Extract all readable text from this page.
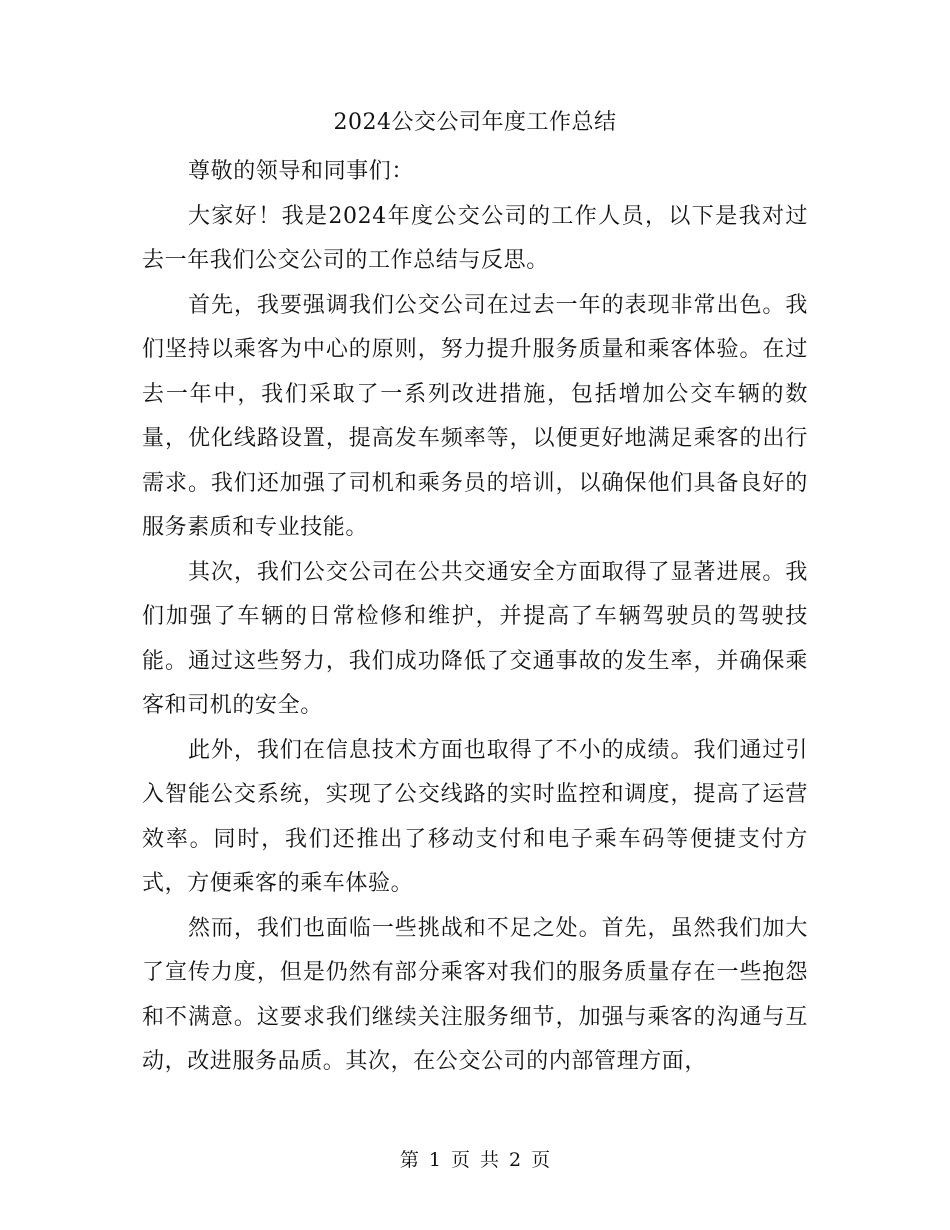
2024公交公司年度工作总结

尊敬的领导和同事们：

大家好！我是2024年度公交公司的工作人员，以下是我对过去一年我们公交公司的工作总结与反思。

首先，我要强调我们公交公司在过去一年的表现非常出色。我们坚持以乘客为中心的原则，努力提升服务质量和乘客体验。在过去一年中，我们采取了一系列改进措施，包括增加公交车辆的数量，优化线路设置，提高发车频率等，以便更好地满足乘客的出行需求。我们还加强了司机和乘务员的培训，以确保他们具备良好的服务素质和专业技能。

其次，我们公交公司在公共交通安全方面取得了显著进展。我们加强了车辆的日常检修和维护，并提高了车辆驾驶员的驾驶技能。通过这些努力，我们成功降低了交通事故的发生率，并确保乘客和司机的安全。

此外，我们在信息技术方面也取得了不小的成绩。我们通过引入智能公交系统，实现了公交线路的实时监控和调度，提高了运营效率。同时，我们还推出了移动支付和电子乘车码等便捷支付方式，方便乘客的乘车体验。

然而，我们也面临一些挑战和不足之处。首先，虽然我们加大了宣传力度，但是仍然有部分乘客对我们的服务质量存在一些抱怨和不满意。这要求我们继续关注服务细节，加强与乘客的沟通与互动，改进服务品质。其次，在公交公司的内部管理方面，

第 1 页 共 2 页
